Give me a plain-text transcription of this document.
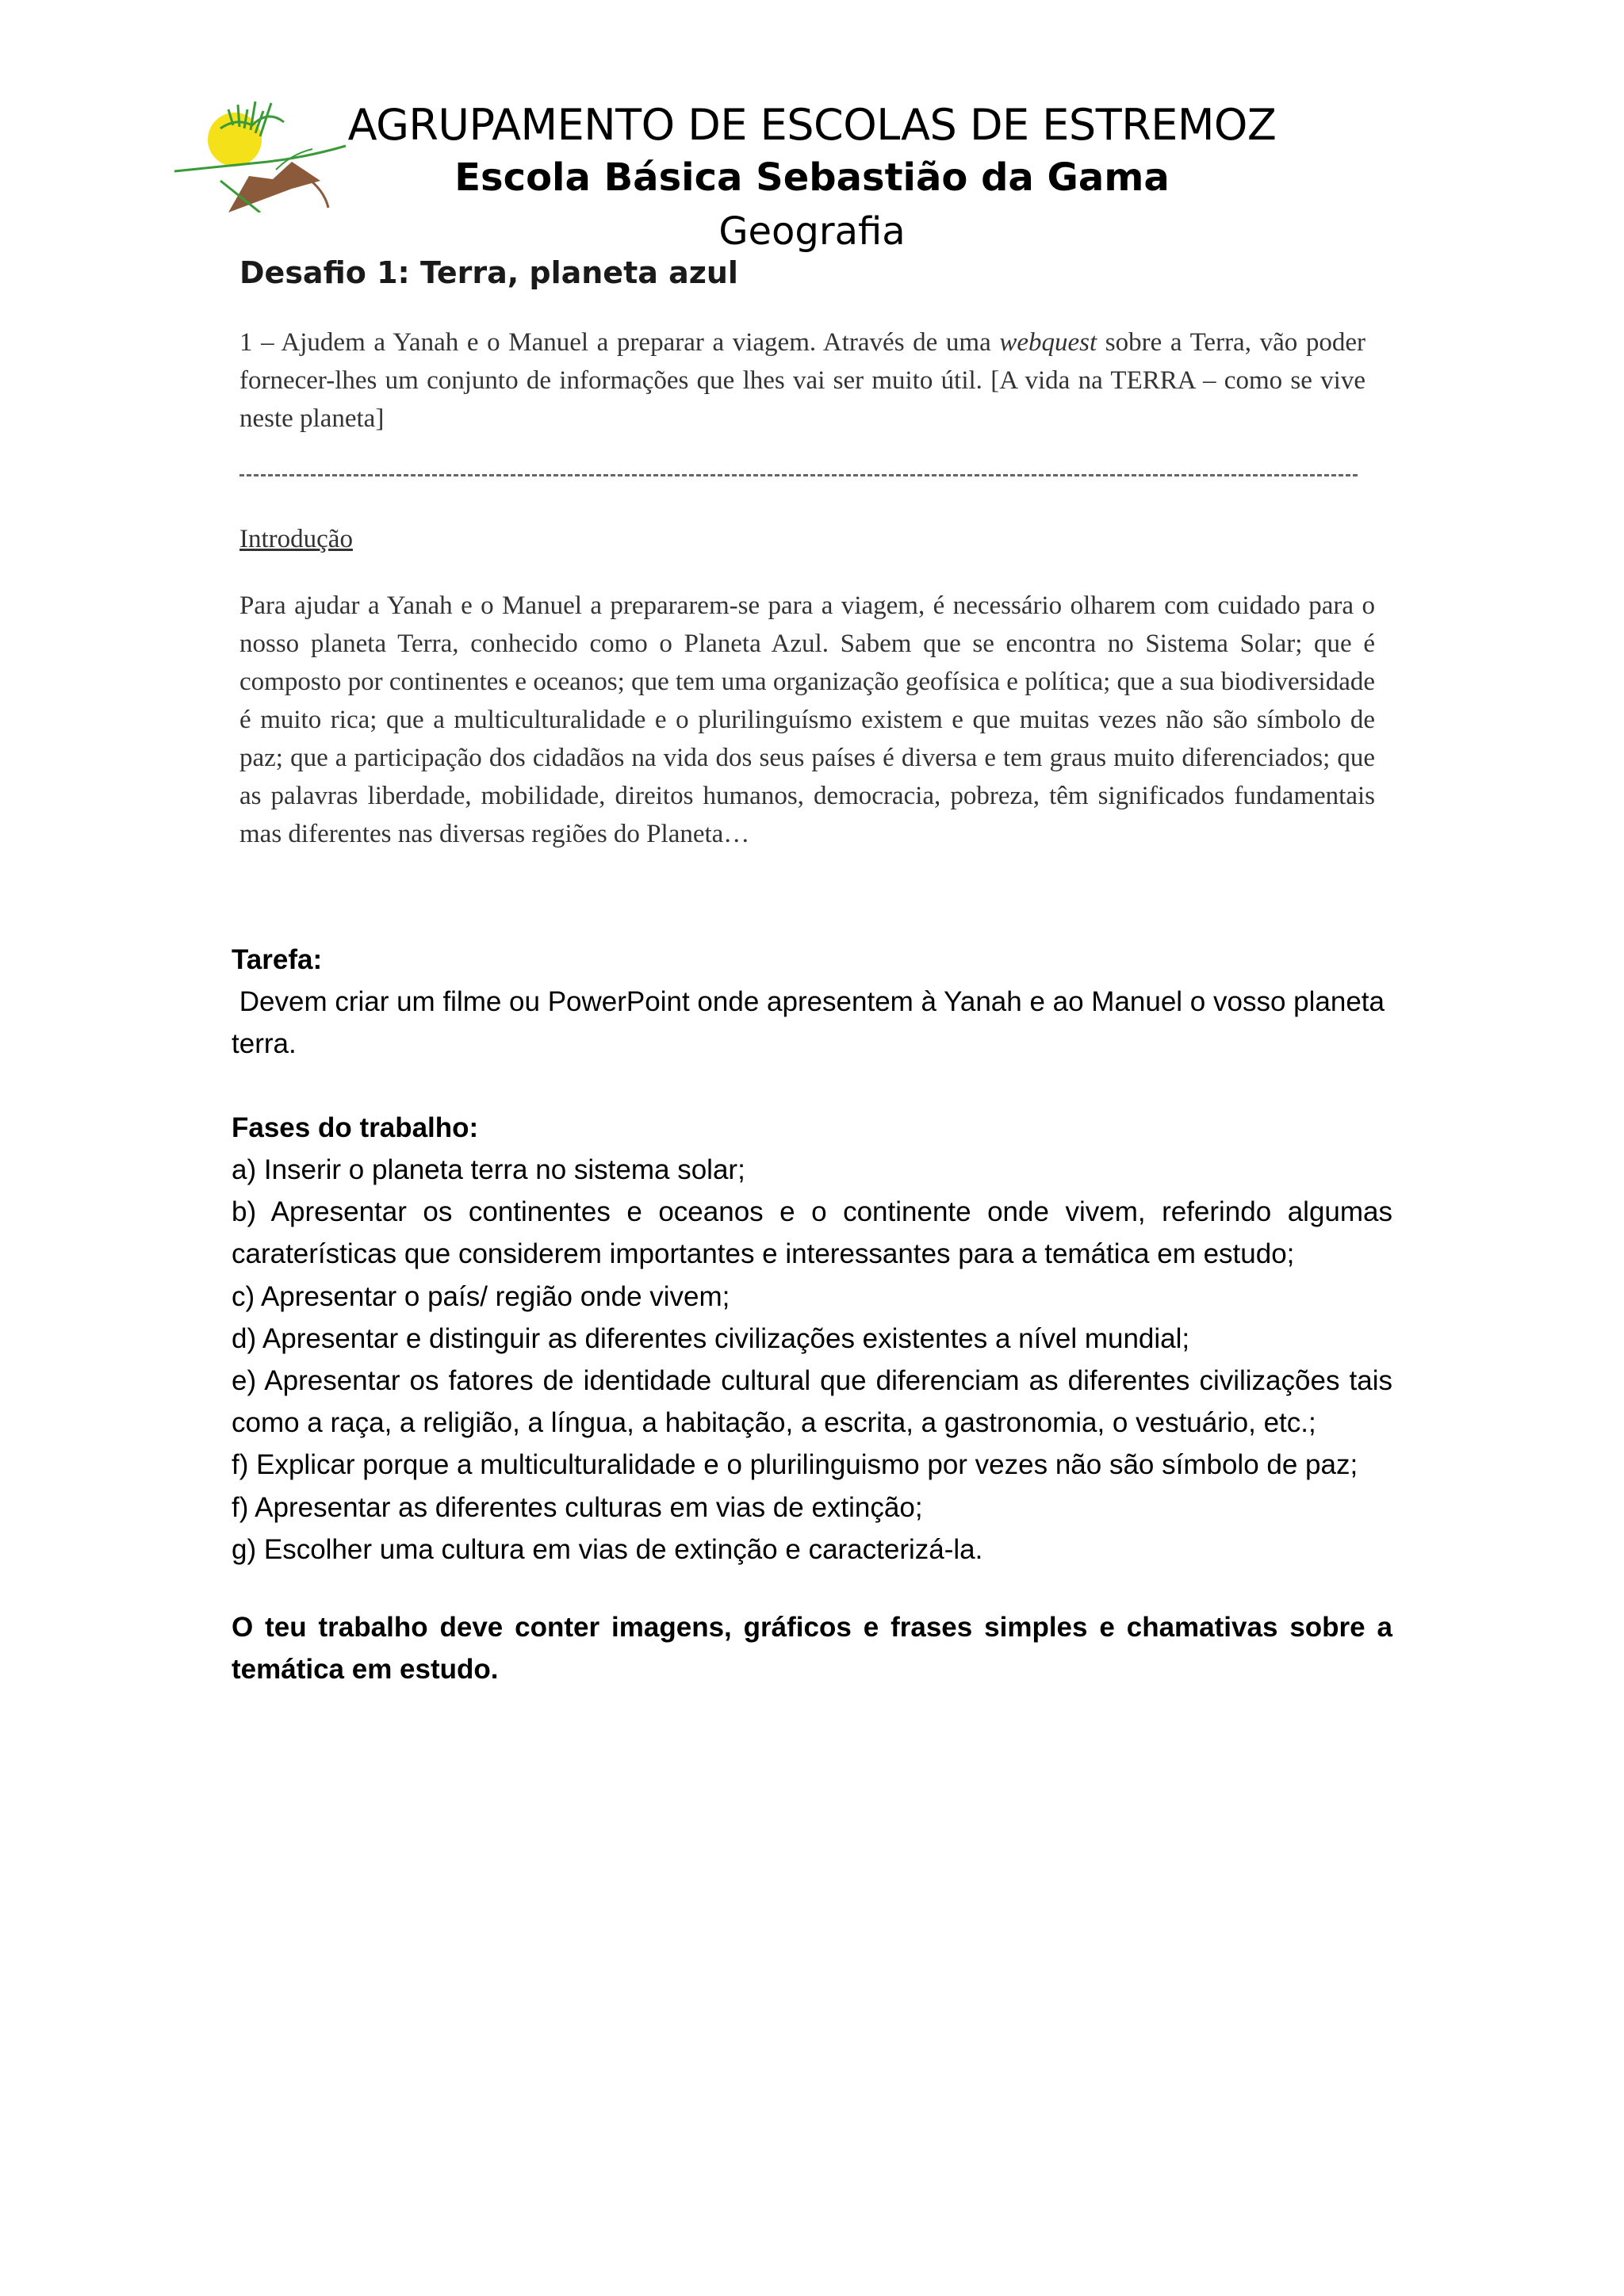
AGRUPAMENTO DE ESCOLAS DE ESTREMOZ
Escola Básica Sebastião da Gama
Geografia
Desafio 1: Terra, planeta azul
1 – Ajudem a Yanah e o Manuel a preparar a viagem. Através de uma webquest sobre a Terra, vão poder fornecer-lhes um conjunto de informações que lhes vai ser muito útil. [A vida na TERRA – como se vive neste planeta]
Introdução
Para ajudar a Yanah e o Manuel a prepararem-se para a viagem, é necessário olharem com cuidado para o nosso planeta Terra, conhecido como o Planeta Azul. Sabem que se encontra no Sistema Solar; que é composto por continentes e oceanos; que tem uma organização geofísica e política; que a sua biodiversidade é muito rica; que a multiculturalidade e o plurilinguísmo existem e que muitas vezes não são símbolo de paz; que a participação dos cidadãos na vida dos seus países é diversa e tem graus muito diferenciados; que as palavras liberdade, mobilidade, direitos humanos, democracia, pobreza, têm significados fundamentais mas diferentes nas diversas regiões do Planeta…
Tarefa:
Devem criar um filme ou PowerPoint onde apresentem à Yanah e ao Manuel o vosso planeta terra.
Fases do trabalho:
a) Inserir o planeta terra no sistema solar;
b) Apresentar os continentes e oceanos e o continente onde vivem, referindo algumas caraterísticas que considerem importantes e interessantes para a temática em estudo;
c) Apresentar o país/ região onde vivem;
d) Apresentar e distinguir as diferentes civilizações existentes a nível mundial;
e) Apresentar os fatores de identidade cultural que diferenciam as diferentes civilizações tais como a raça, a religião, a língua, a habitação, a escrita, a gastronomia, o vestuário, etc.;
f) Explicar porque a multiculturalidade e o plurilinguismo por vezes não são símbolo de paz;
f) Apresentar as diferentes culturas em vias de extinção;
g) Escolher uma cultura em vias de extinção e caracterizá-la.
O teu trabalho deve conter imagens, gráficos e frases simples e chamativas sobre a temática em estudo.
